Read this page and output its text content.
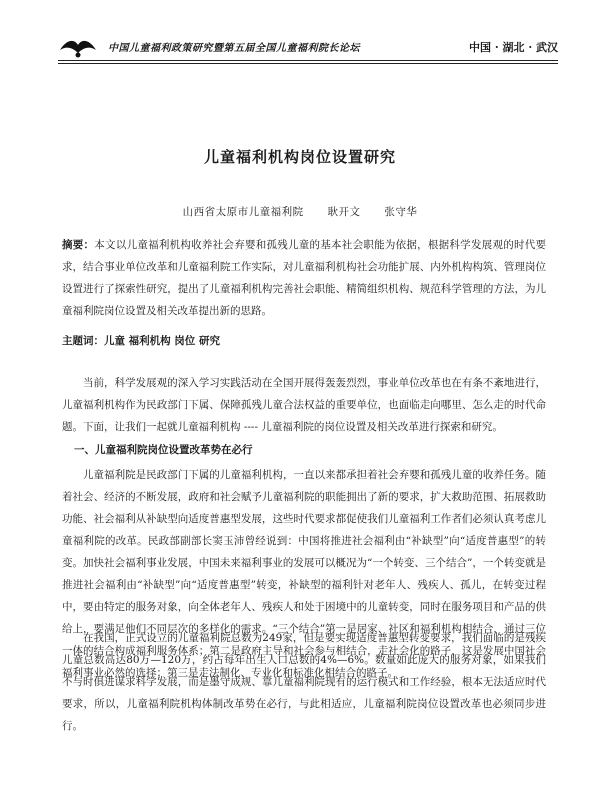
中国儿童福利政策研究暨第五届全国儿童福利院长论坛	中国 · 湖北 · 武汉
儿童福利机构岗位设置研究
山西省太原市儿童福利院 耿开文 张守华
摘要：本文以儿童福利机构收养社会弃婴和孤残儿童的基本社会职能为依据，根据科学发展观的时代要求，结合事业单位改革和儿童福利院工作实际，对儿童福利机构社会功能扩展、内外机构构筑、管理岗位设置进行了探索性研究，提出了儿童福利机构完善社会职能、精简组织机构、规范科学管理的方法，为儿童福利院岗位设置及相关改革提出新的思路。
主题词：儿童 福利机构 岗位 研究
当前，科学发展观的深入学习实践活动在全国开展得轰轰烈烈，事业单位改革也在有条不紊地进行，儿童福利机构作为民政部门下属、保障孤残儿童合法权益的重要单位，也面临走向哪里、怎么走的时代命题。下面，让我们一起就儿童福利机构 ---- 儿童福利院的岗位设置及相关改革进行探索和研究。
一、儿童福利院岗位设置改革势在必行
儿童福利院是民政部门下属的儿童福利机构，一直以来都承担着社会弃婴和孤残儿童的收养任务。随着社会、经济的不断发展，政府和社会赋予儿童福利院的职能拥出了新的要求，扩大救助范围、拓展救助功能、社会福利从补缺型向适度普惠型发展，这些时代要求都促使我们儿童福利工作者们必须认真考虑儿童福利院的改革。民政部副部长窦玉沛曾经说到：中国将推进社会福利由“补缺型”向“适度普惠型”的转变。加快社会福利事业发展，中国未来福利事业的发展可以概况为“一个转变、三个结合”，一个转变就是推进社会福利由“补缺型”向“适度普惠型”转变，补缺型的福利针对老年人、残疾人、孤儿，在转变过程中，要由特定的服务对象，向全体老年人、残疾人和处于困境中的儿童转变，同时在服务项目和产品的供给上，要满足他们不同层次的多样化的需求。“三个结合”第一是居家、社区和福利机构相结合，通过三位一体的结合构成福利服务体系；第二是政府主导和社会参与相结合，走社会化的路子，这是发展中国社会福利事业必然的选择；第三是走法制化、专业化和标准化相结合的路子。
在我国，正式设立的儿童福利院总数为249家，但是要实现适度普惠型转变要求，我们面临的是残疾儿童总数高达80万—120万，约占每年出生人口总数的4%—6%。数量如此庞大的服务对象，如果我们不与时俱进谋求科学发展，而是墨守成规、靠儿童福利院现有的运行模式和工作经验，根本无法适应时代要求，所以，儿童福利院机构体制改革势在必行，与此相适应，儿童福利院岗位设置改革也必须同步进行。
